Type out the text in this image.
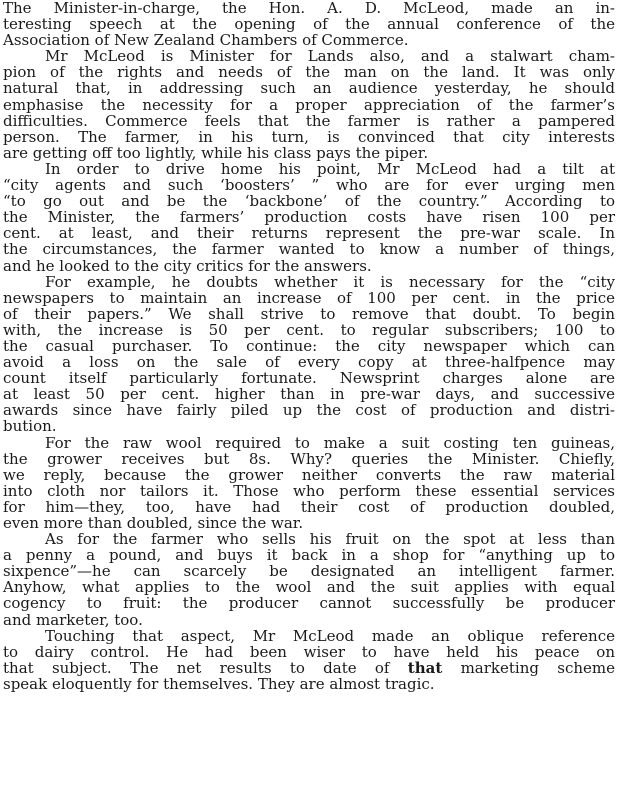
The Minister-in-charge, the Hon. A. D. McLeod, made an in-
teresting speech at the opening of the annual conference of the
Association of New Zealand Chambers of Commerce.
Mr McLeod is Minister for Lands also, and a stalwart cham-
pion of the rights and needs of the man on the land. It was only
natural that, in addressing such an audience yesterday, he should
emphasise the necessity for a proper appreciation of the farmer’s
difficulties. Commerce feels that the farmer is rather a pampered
person. The farmer, in his turn, is convinced that city interests
are getting off too lightly, while his class pays the piper.
In order to drive home his point, Mr McLeod had a tilt at
“city agents and such ‘boosters’ ” who are for ever urging men
“to go out and be the ‘backbone’ of the country.” According to
the Minister, the farmers’ production costs have risen 100 per
cent. at least, and their returns represent the pre-war scale. In
the circumstances, the farmer wanted to know a number of things,
and he looked to the city critics for the answers.
For example, he doubts whether it is necessary for the “city
newspapers to maintain an increase of 100 per cent. in the price
of their papers.” We shall strive to remove that doubt. To begin
with, the increase is 50 per cent. to regular subscribers; 100 to
the casual purchaser. To continue: the city newspaper which can
avoid a loss on the sale of every copy at three-halfpence may
count itself particularly fortunate. Newsprint charges alone are
at least 50 per cent. higher than in pre-war days, and successive
awards since have fairly piled up the cost of production and distri-
bution.
For the raw wool required to make a suit costing ten guineas,
the grower receives but 8s. Why? queries the Minister. Chiefly,
we reply, because the grower neither converts the raw material
into cloth nor tailors it. Those who perform these essential services
for him—they, too, have had their cost of production doubled,
even more than doubled, since the war.
As for the farmer who sells his fruit on the spot at less than
a penny a pound, and buys it back in a shop for “anything up to
sixpence”—he can scarcely be designated an intelligent farmer.
Anyhow, what applies to the wool and the suit applies with equal
cogency to fruit: the producer cannot successfully be producer
and marketer, too.
Touching that aspect, Mr McLeod made an oblique reference
to dairy control. He had been wiser to have held his peace on
that subject. The net results to date of that marketing scheme
speak eloquently for themselves. They are almost tragic.
